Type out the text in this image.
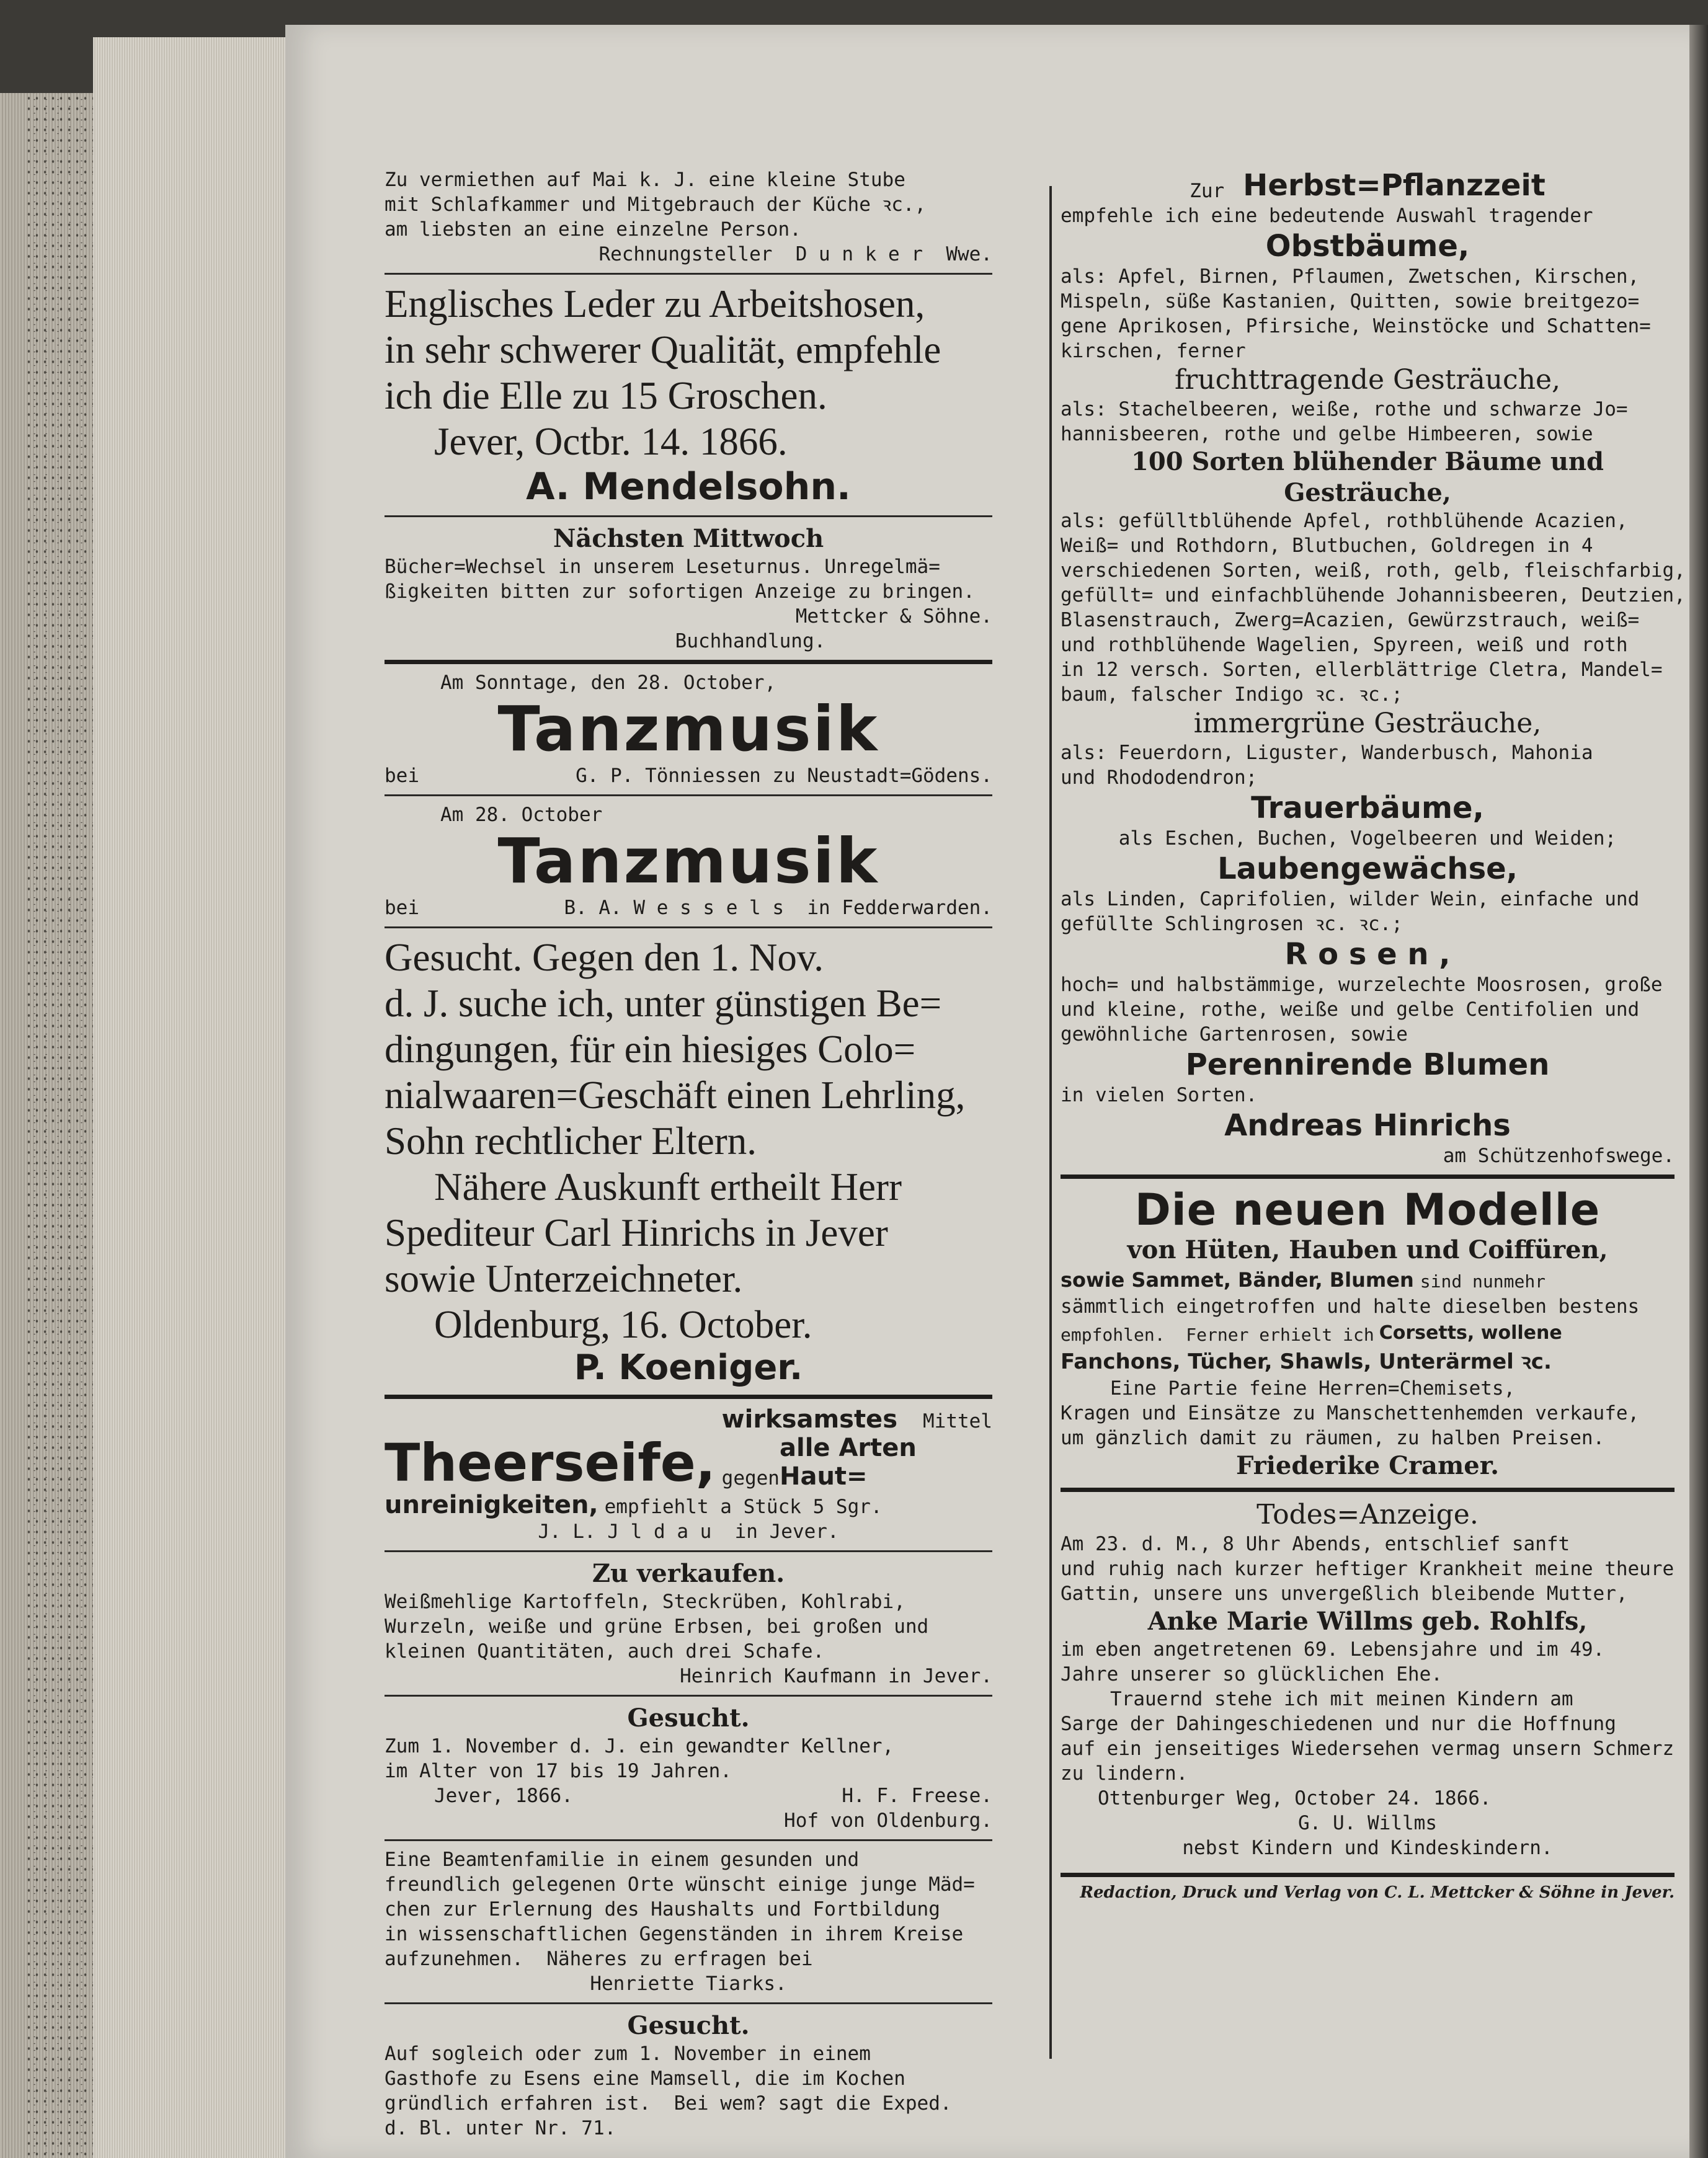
Zu vermiethen auf Mai k. J. eine kleine Stube
mit Schlafkammer und Mitgebrauch der Küche ꝛc.,
am liebsten an eine einzelne Person.
Rechnungsteller  D u n k e r  Wwe.
Englisches Leder zu Arbeitshosen,
in sehr schwerer Qualität, empfehle
ich die Elle zu 15 Groschen.
Jever, Octbr. 14. 1866.
A. Mendelsohn.
Nächsten Mittwoch
Bücher=Wechsel in unserem Leseturnus. Unregelmä=
ßigkeiten bitten zur sofortigen Anzeige zu bringen.
Mettcker & Söhne.
Buchhandlung.
Am Sonntage, den 28. October,
Tanzmusik
bei	G. P. Tönniessen zu Neustadt=Gödens.
Am 28. October
Tanzmusik
bei	B. A. W e s s e l s  in Fedderwarden.
Gesucht. Gegen den 1. Nov.
d. J. suche ich, unter günstigen Be=
dingungen, für ein hiesiges Colo=
nialwaaren=Geschäft einen Lehrling,
Sohn rechtlicher Eltern.
Nähere Auskunft ertheilt Herr
Spediteur Carl Hinrichs in Jever
sowie Unterzeichneter.
Oldenburg, 16. October.
P. Koeniger.
Theerseife,
wirksamstes Mittel
gegen
alle Arten Haut=
unreinigkeiten, empfiehlt a Stück 5 Sgr.
J. L. J l d a u  in Jever.
Zu verkaufen.
Weißmehlige Kartoffeln, Steckrüben, Kohlrabi,
Wurzeln, weiße und grüne Erbsen, bei großen und
kleinen Quantitäten, auch drei Schafe.
Heinrich Kaufmann in Jever.
Gesucht.
Zum 1. November d. J. ein gewandter Kellner,
im Alter von 17 bis 19 Jahren.
Jever, 1866.	H. F. Freese.
Hof von Oldenburg.
Eine Beamtenfamilie in einem gesunden und
freundlich gelegenen Orte wünscht einige junge Mäd=
chen zur Erlernung des Haushalts und Fortbildung
in wissenschaftlichen Gegenständen in ihrem Kreise
aufzunehmen.  Näheres zu erfragen bei
Henriette Tiarks.
Gesucht.
Auf sogleich oder zum 1. November in einem
Gasthofe zu Esens eine Mamsell, die im Kochen
gründlich erfahren ist.  Bei wem? sagt die Exped.
d. Bl. unter Nr. 71.
Zur Herbst=Pflanzzeit
empfehle ich eine bedeutende Auswahl tragender
Obstbäume,
als: Apfel, Birnen, Pflaumen, Zwetschen, Kirschen,
Mispeln, süße Kastanien, Quitten, sowie breitgezo=
gene Aprikosen, Pfirsiche, Weinstöcke und Schatten=
kirschen, ferner
fruchttragende Gesträuche,
als: Stachelbeeren, weiße, rothe und schwarze Jo=
hannisbeeren, rothe und gelbe Himbeeren, sowie
100 Sorten blühender Bäume und
Gesträuche,
als: gefülltblühende Apfel, rothblühende Acazien,
Weiß= und Rothdorn, Blutbuchen, Goldregen in 4
verschiedenen Sorten, weiß, roth, gelb, fleischfarbig,
gefüllt= und einfachblühende Johannisbeeren, Deutzien,
Blasenstrauch, Zwerg=Acazien, Gewürzstrauch, weiß=
und rothblühende Wagelien, Spyreen, weiß und roth
in 12 versch. Sorten, ellerblättrige Cletra, Mandel=
baum, falscher Indigo ꝛc. ꝛc.;
immergrüne Gesträuche,
als: Feuerdorn, Liguster, Wanderbusch, Mahonia
und Rhododendron;
Trauerbäume,
als Eschen, Buchen, Vogelbeeren und Weiden;
Laubengewächse,
als Linden, Caprifolien, wilder Wein, einfache und
gefüllte Schlingrosen ꝛc. ꝛc.;
R o s e n ,
hoch= und halbstämmige, wurzelechte Moosrosen, große
und kleine, rothe, weiße und gelbe Centifolien und
gewöhnliche Gartenrosen, sowie
Perennirende Blumen
in vielen Sorten.
Andreas Hinrichs
am Schützenhofswege.
Die neuen Modelle
von Hüten, Hauben und Coiffüren,
sowie Sammet, Bänder, Blumen sind nunmehr
sämmtlich eingetroffen und halte dieselben bestens
empfohlen.  Ferner erhielt ich Corsetts, wollene
Fanchons, Tücher, Shawls, Unterärmel ꝛc.
Eine Partie feine Herren=Chemisets,
Kragen und Einsätze zu Manschettenhemden verkaufe,
um gänzlich damit zu räumen, zu halben Preisen.
Friederike Cramer.
Todes=Anzeige.
Am 23. d. M., 8 Uhr Abends, entschlief sanft
und ruhig nach kurzer heftiger Krankheit meine theure
Gattin, unsere uns unvergeßlich bleibende Mutter,
Anke Marie Willms geb. Rohlfs,
im eben angetretenen 69. Lebensjahre und im 49.
Jahre unserer so glücklichen Ehe.
Trauernd stehe ich mit meinen Kindern am
Sarge der Dahingeschiedenen und nur die Hoffnung
auf ein jenseitiges Wiedersehen vermag unsern Schmerz
zu lindern.
Ottenburger Weg, October 24. 1866.
G. U. Willms
nebst Kindern und Kindeskindern.
Redaction, Druck und Verlag von C. L. Mettcker & Söhne in Jever.
